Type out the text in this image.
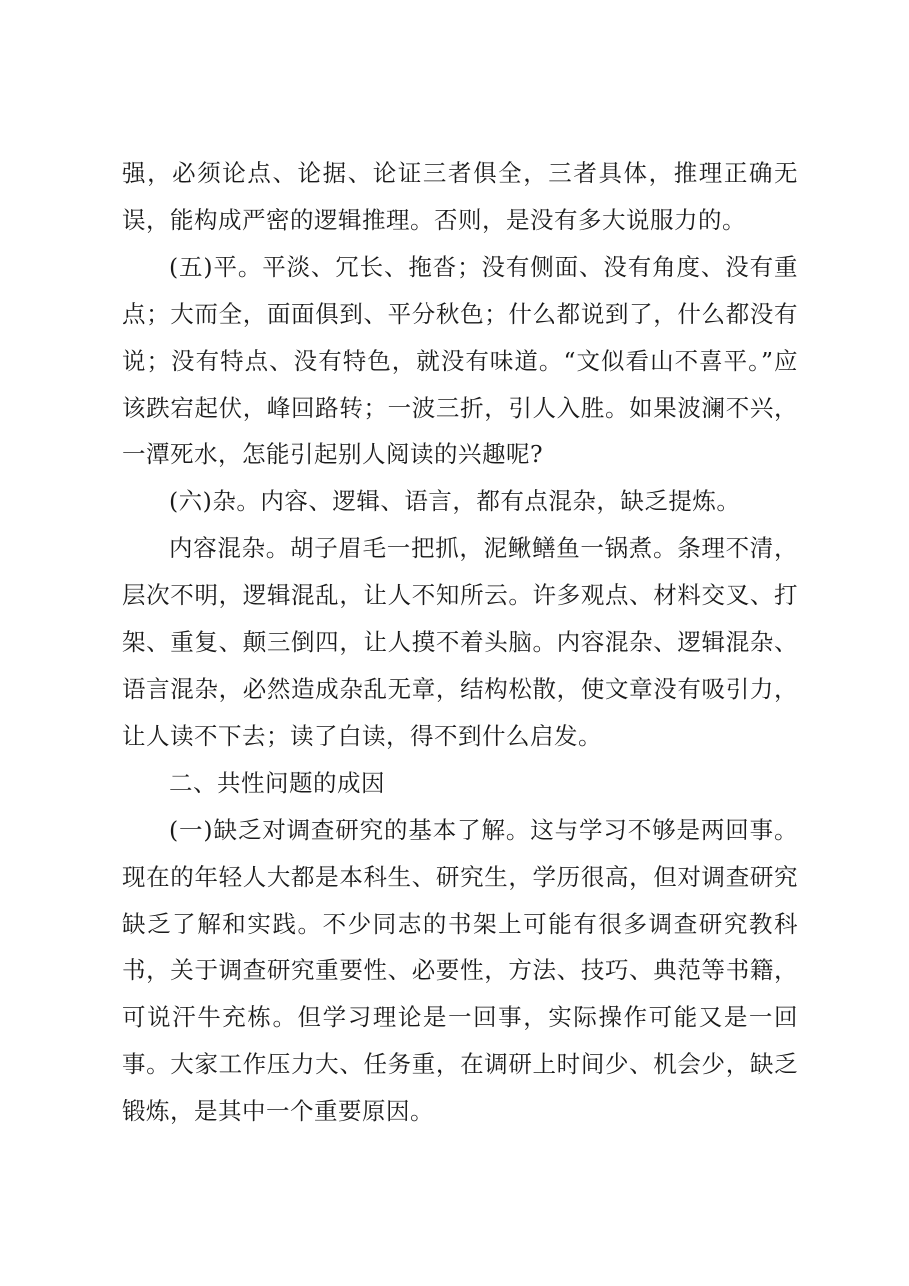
强，必须论点、论据、论证三者俱全，三者具体，推理正确无误，能构成严密的逻辑推理。否则，是没有多大说服力的。

(五)平。平淡、冗长、拖沓；没有侧面、没有角度、没有重点；大而全，面面俱到、平分秋色；什么都说到了，什么都没有说；没有特点、没有特色，就没有味道。“文似看山不喜平。”应该跌宕起伏，峰回路转；一波三折，引人入胜。如果波澜不兴，一潭死水，怎能引起别人阅读的兴趣呢?

(六)杂。内容、逻辑、语言，都有点混杂，缺乏提炼。

内容混杂。胡子眉毛一把抓，泥鳅鳝鱼一锅煮。条理不清，层次不明，逻辑混乱，让人不知所云。许多观点、材料交叉、打架、重复、颠三倒四，让人摸不着头脑。内容混杂、逻辑混杂、语言混杂，必然造成杂乱无章，结构松散，使文章没有吸引力，让人读不下去；读了白读，得不到什么启发。

二、共性问题的成因

(一)缺乏对调查研究的基本了解。这与学习不够是两回事。现在的年轻人大都是本科生、研究生，学历很高，但对调查研究缺乏了解和实践。不少同志的书架上可能有很多调查研究教科书，关于调查研究重要性、必要性，方法、技巧、典范等书籍，可说汗牛充栋。但学习理论是一回事，实际操作可能又是一回事。大家工作压力大、任务重，在调研上时间少、机会少，缺乏锻炼，是其中一个重要原因。
